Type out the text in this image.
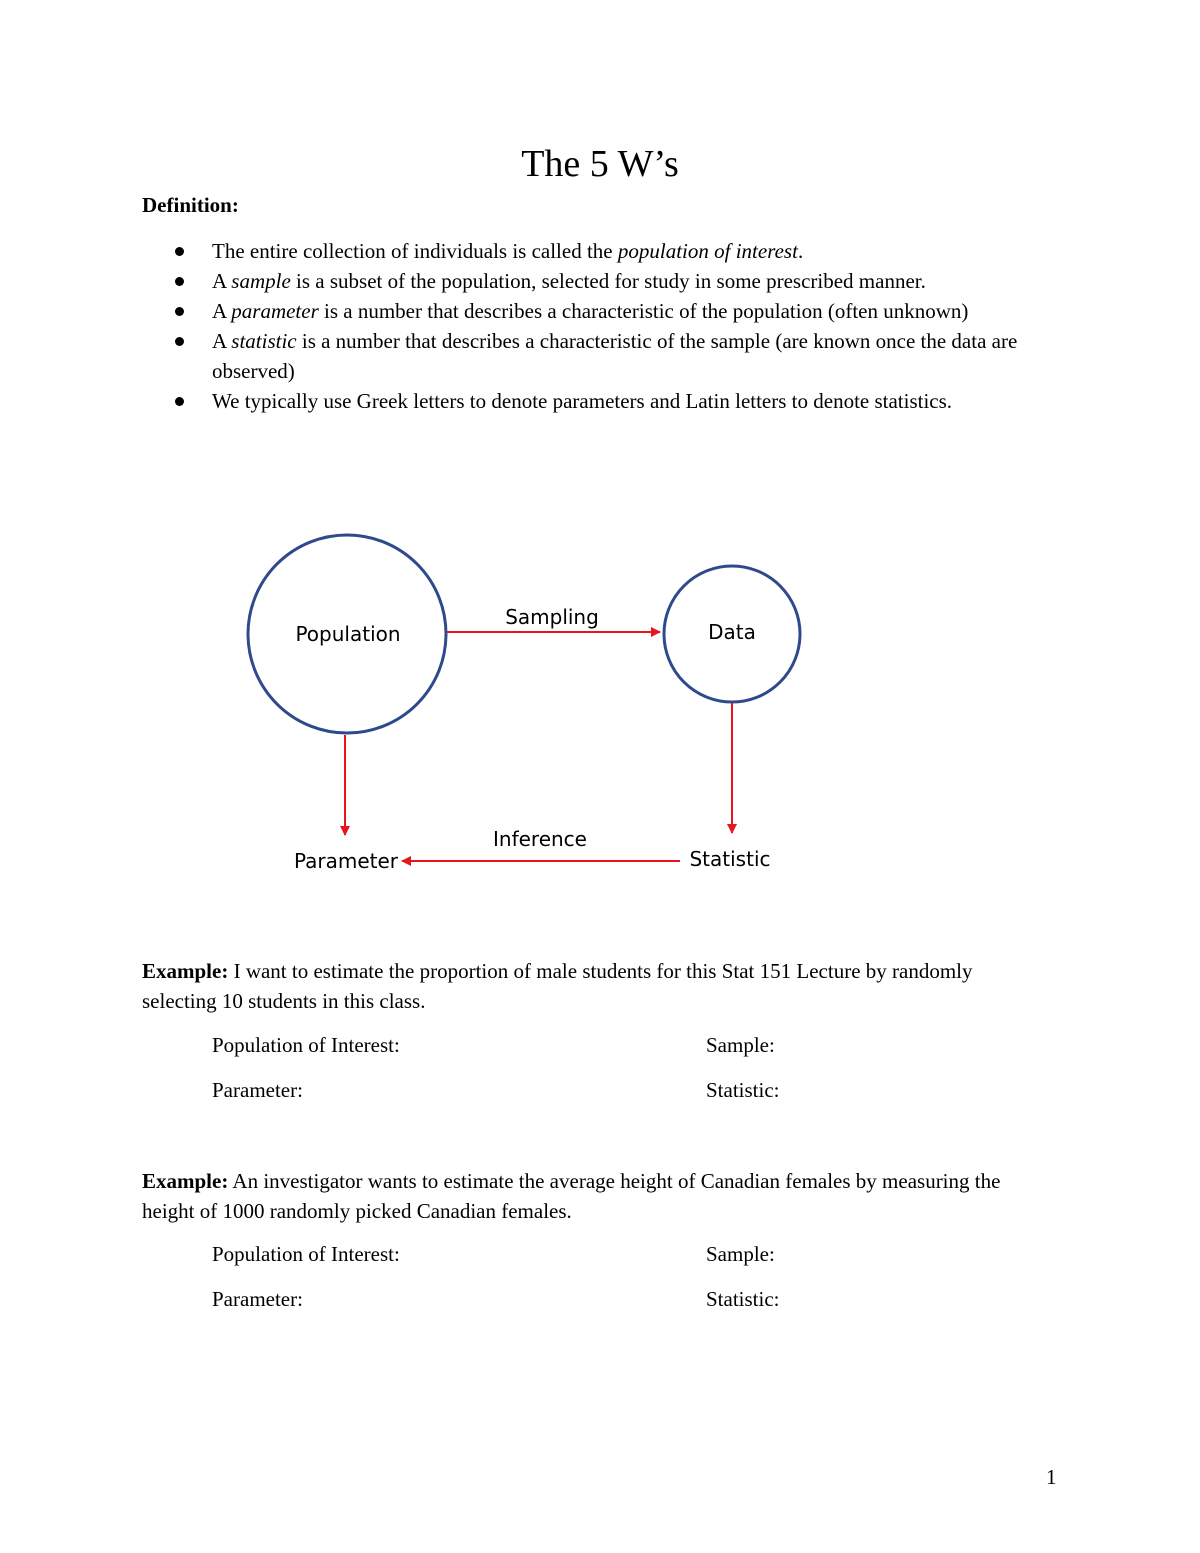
The 5 W’s

Definition:

The entire collection of individuals is called the population of interest.
A sample is a subset of the population, selected for study in some prescribed manner.
A parameter is a number that describes a characteristic of the population (often unknown)
A statistic is a number that describes a characteristic of the sample (are known once the data are observed)
We typically use Greek letters to denote parameters and Latin letters to denote statistics.
Population	Data
Sampling
Parameter	Statistic
Inference

Example: I want to estimate the proportion of male students for this Stat 151 Lecture by randomly selecting 10 students in this class.

Population of Interest:	Sample:

Parameter:	Statistic:

Example: An investigator wants to estimate the average height of Canadian females by measuring the height of 1000 randomly picked Canadian females.

Population of Interest:	Sample:

Parameter:	Statistic:

1
